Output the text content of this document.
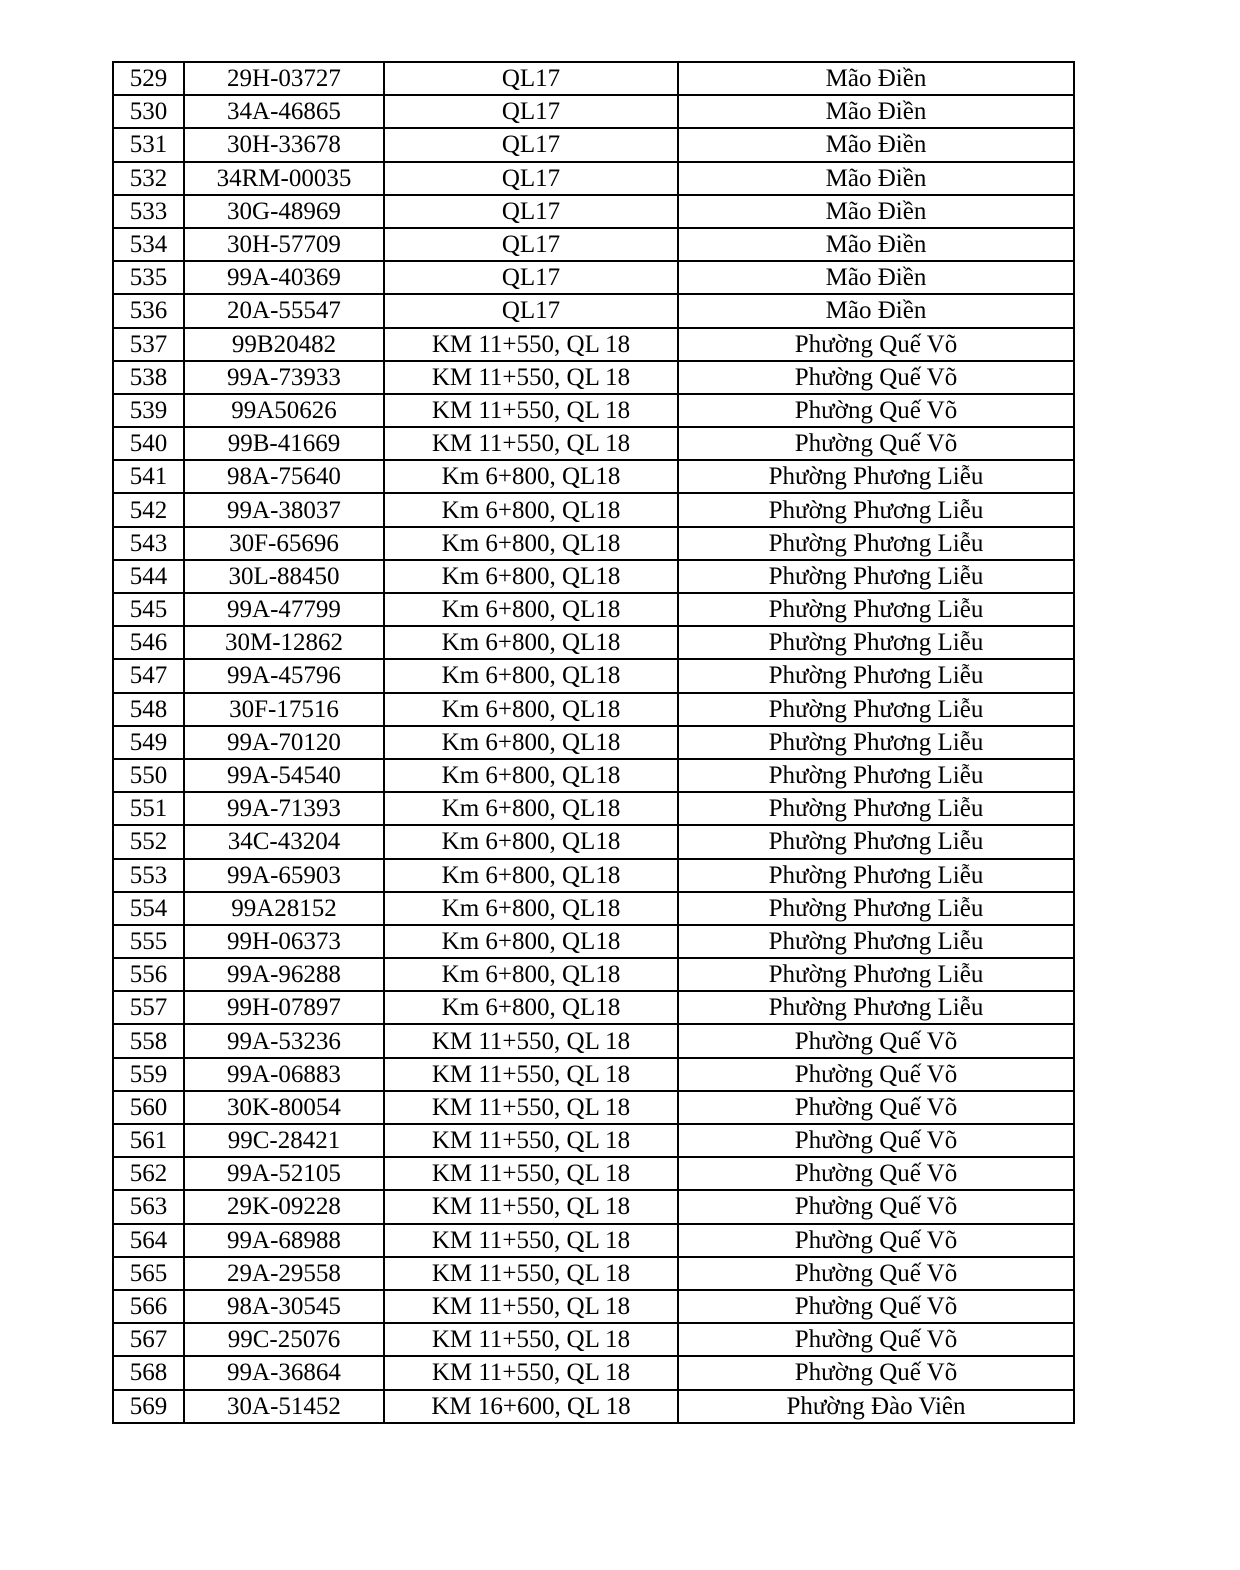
529	29H-03727	QL17	Mão Điền
530	34A-46865	QL17	Mão Điền
531	30H-33678	QL17	Mão Điền
532	34RM-00035	QL17	Mão Điền
533	30G-48969	QL17	Mão Điền
534	30H-57709	QL17	Mão Điền
535	99A-40369	QL17	Mão Điền
536	20A-55547	QL17	Mão Điền
537	99B20482	KM 11+550, QL 18	Phường Quế Võ
538	99A-73933	KM 11+550, QL 18	Phường Quế Võ
539	99A50626	KM 11+550, QL 18	Phường Quế Võ
540	99B-41669	KM 11+550, QL 18	Phường Quế Võ
541	98A-75640	Km 6+800, QL18	Phường Phương Liễu
542	99A-38037	Km 6+800, QL18	Phường Phương Liễu
543	30F-65696	Km 6+800, QL18	Phường Phương Liễu
544	30L-88450	Km 6+800, QL18	Phường Phương Liễu
545	99A-47799	Km 6+800, QL18	Phường Phương Liễu
546	30M-12862	Km 6+800, QL18	Phường Phương Liễu
547	99A-45796	Km 6+800, QL18	Phường Phương Liễu
548	30F-17516	Km 6+800, QL18	Phường Phương Liễu
549	99A-70120	Km 6+800, QL18	Phường Phương Liễu
550	99A-54540	Km 6+800, QL18	Phường Phương Liễu
551	99A-71393	Km 6+800, QL18	Phường Phương Liễu
552	34C-43204	Km 6+800, QL18	Phường Phương Liễu
553	99A-65903	Km 6+800, QL18	Phường Phương Liễu
554	99A28152	Km 6+800, QL18	Phường Phương Liễu
555	99H-06373	Km 6+800, QL18	Phường Phương Liễu
556	99A-96288	Km 6+800, QL18	Phường Phương Liễu
557	99H-07897	Km 6+800, QL18	Phường Phương Liễu
558	99A-53236	KM 11+550, QL 18	Phường Quế Võ
559	99A-06883	KM 11+550, QL 18	Phường Quế Võ
560	30K-80054	KM 11+550, QL 18	Phường Quế Võ
561	99C-28421	KM 11+550, QL 18	Phường Quế Võ
562	99A-52105	KM 11+550, QL 18	Phường Quế Võ
563	29K-09228	KM 11+550, QL 18	Phường Quế Võ
564	99A-68988	KM 11+550, QL 18	Phường Quế Võ
565	29A-29558	KM 11+550, QL 18	Phường Quế Võ
566	98A-30545	KM 11+550, QL 18	Phường Quế Võ
567	99C-25076	KM 11+550, QL 18	Phường Quế Võ
568	99A-36864	KM 11+550, QL 18	Phường Quế Võ
569	30A-51452	KM 16+600, QL 18	Phường Đào Viên
